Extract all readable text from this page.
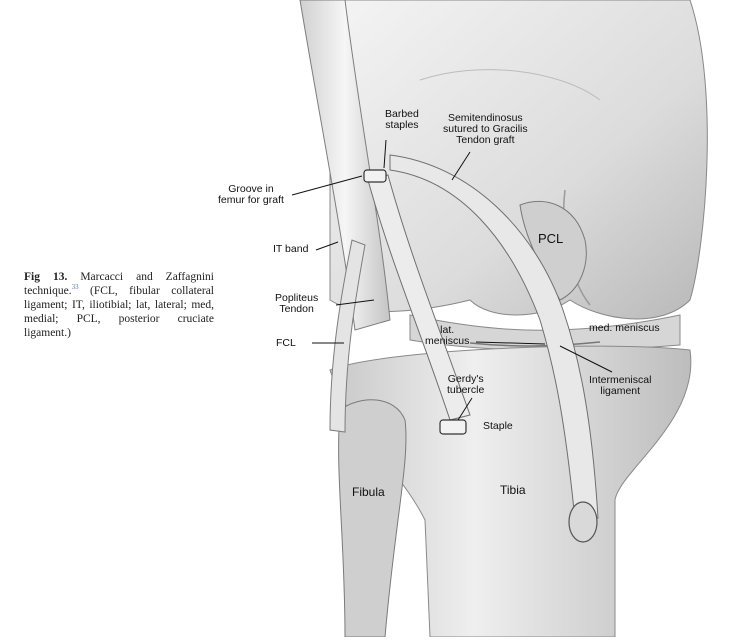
Fig 13. Marcacci and Zaffagnini technique.$^{33}$ (FCL, fibular collateral ligament; IT, iliotibial; lat, lateral; med, medial; PCL, posterior cruciate ligament.)
Barbed
staples
Semitendinosus
sutured to Gracilis
Tendon graft
Groove in
femur for graft
IT band
PCL
Popliteus
Tendon
lat.
meniscus
med. meniscus
FCL
Gerdy's
tubercle
Intermeniscal
ligament
Staple
Fibula	Tibia
